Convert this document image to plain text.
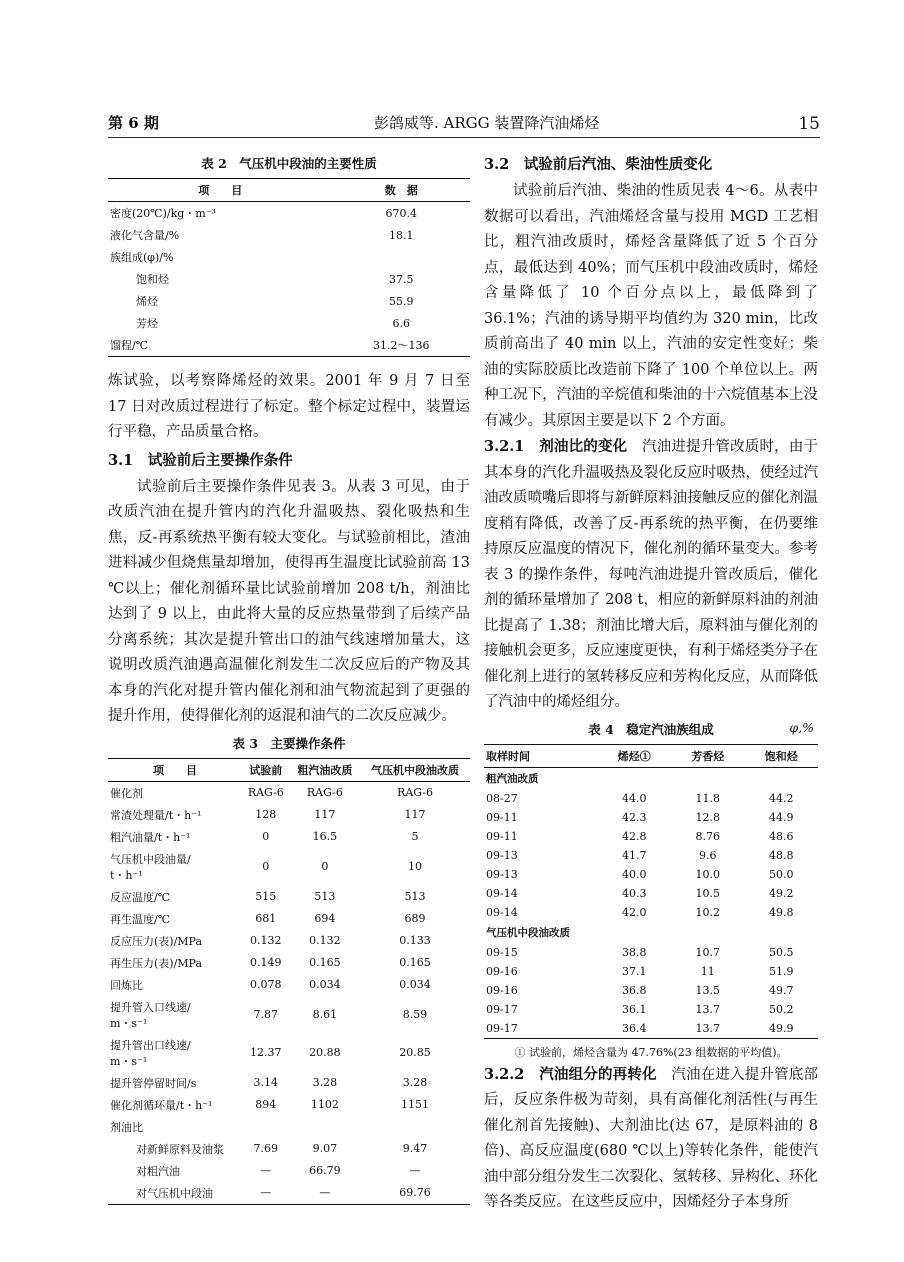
第 6 期	彭鸽威等. ARGG 装置降汽油烯烃	15
表 2　气压机中段油的主要性质
项　　目	数　据
密度(20℃)/kg・m⁻³	670.4
液化气含量/%	18.1
族组成(φ)/%	
饱和烃	37.5
烯烃	55.9
芳烃	6.6
馏程/℃	31.2～136

炼试验，以考察降烯烃的效果。2001 年 9 月 7 日至 17 日对改质过程进行了标定。整个标定过程中，装置运行平稳，产品质量合格。

3.1　试验前后主要操作条件

试验前后主要操作条件见表 3。从表 3 可见，由于改质汽油在提升管内的汽化升温吸热、裂化吸热和生焦，反-再系统热平衡有较大变化。与试验前相比，渣油进料减少但烧焦量却增加，使得再生温度比试验前高 13 ℃以上；催化剂循环量比试验前增加 208 t/h，剂油比达到了 9 以上，由此将大量的反应热量带到了后续产品分离系统；其次是提升管出口的油气线速增加量大，这说明改质汽油遇高温催化剂发生二次反应后的产物及其本身的汽化对提升管内催化剂和油气物流起到了更强的提升作用，使得催化剂的返混和油气的二次反应减少。

表 3　主要操作条件
项　　目	试验前	粗汽油改质	气压机中段油改质
催化剂	RAG-6	RAG-6	RAG-6
常渣处理量/t・h⁻¹	128	117	117
粗汽油量/t・h⁻¹	0	16.5	5
气压机中段油量/
t・h⁻¹	0	0	10
反应温度/℃	515	513	513
再生温度/℃	681	694	689
反应压力(表)/MPa	0.132	0.132	0.133
再生压力(表)/MPa	0.149	0.165	0.165
回炼比	0.078	0.034	0.034
提升管入口线速/
m・s⁻¹	7.87	8.61	8.59
提升管出口线速/
m・s⁻¹	12.37	20.88	20.85
提升管停留时间/s	3.14	3.28	3.28
催化剂循环量/t・h⁻¹	894	1102	1151
剂油比			
对新鲜原料及油浆	7.69	9.07	9.47
对粗汽油	—	66.79	—
对气压机中段油	—	—	69.76
3.2　试验前后汽油、柴油性质变化

试验前后汽油、柴油的性质见表 4～6。从表中数据可以看出，汽油烯烃含量与投用 MGD 工艺相比，粗汽油改质时，烯烃含量降低了近 5 个百分点，最低达到 40%；而气压机中段油改质时，烯烃含量降低了 10 个百分点以上，最低降到了36.1%；汽油的诱导期平均值约为 320 min，比改质前高出了 40 min 以上，汽油的安定性变好；柴油的实际胶质比改造前下降了 100 个单位以上。两种工况下，汽油的辛烷值和柴油的十六烷值基本上没有减少。其原因主要是以下 2 个方面。

3.2.1　剂油比的变化　 汽油进提升管改质时，由于其本身的汽化升温吸热及裂化反应时吸热，使经过汽油改质喷嘴后即将与新鲜原料油接触反应的催化剂温度稍有降低，改善了反-再系统的热平衡，在仍要维持原反应温度的情况下，催化剂的循环量变大。参考表 3 的操作条件，每吨汽油进提升管改质后，催化剂的循环量增加了 208 t，相应的新鲜原料油的剂油比提高了 1.38；剂油比增大后，原料油与催化剂的接触机会更多，反应速度更快，有利于烯烃类分子在催化剂上进行的氢转移反应和芳构化反应，从而降低了汽油中的烯烃组分。

表 4　稳定汽油族组成	φ,%
取样时间	烯烃①	芳香烃	饱和烃
粗汽油改质			
08-27	44.0	11.8	44.2
09-11	42.3	12.8	44.9
09-11	42.8	8.76	48.6
09-13	41.7	9.6	48.8
09-13	40.0	10.0	50.0
09-14	40.3	10.5	49.2
09-14	42.0	10.2	49.8
气压机中段油改质			
09-15	38.8	10.7	50.5
09-16	37.1	11	51.9
09-16	36.8	13.5	49.7
09-17	36.1	13.7	50.2
09-17	36.4	13.7	49.9
① 试验前，烯烃含量为 47.76%(23 组数据的平均值)。

3.2.2　汽油组分的再转化　 汽油在进入提升管底部后，反应条件极为苛刻，具有高催化剂活性(与再生催化剂首先接触)、大剂油比(达 67，是原料油的 8 倍)、高反应温度(680 ℃以上)等转化条件，能使汽油中部分组分发生二次裂化、氢转移、异构化、环化等各类反应。在这些反应中，因烯烃分子本身所
